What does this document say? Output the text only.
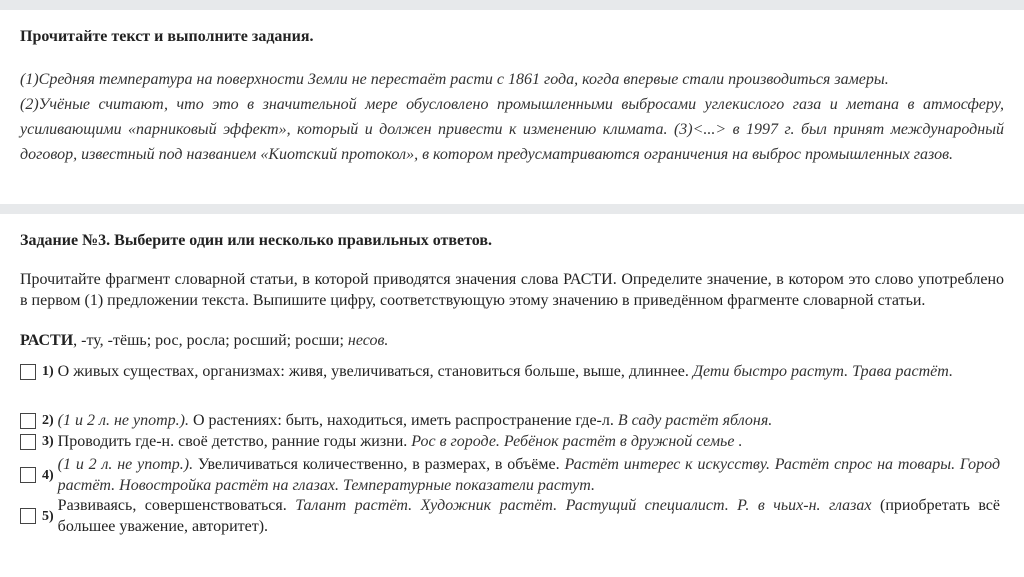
Прочитайте текст и выполните задания.

(1)Средняя температура на поверхности Земли не перестаёт расти с 1861 года, когда впервые стали производиться замеры.

(2)Учёные считают, что это в значительной мере обусловлено промышленными выбросами углекислого газа и метана в атмосферу, усиливающими «парниковый эффект», который и должен привести к изменению климата. (3)<...> в 1997 г. был принят международный договор, известный под названием «Киотский протокол», в котором предусматриваются ограничения на выброс промышленных газов.

Задание №3. Выберите один или несколько правильных ответов.
Прочитайте фрагмент словарной статьи, в которой приводятся значения слова РАСТИ. Определите значение, в котором это слово употреблено в первом (1) предложении текста. Выпишите цифру, соответствующую этому значению в приведённом фрагменте словарной статьи.
РАСТИ, -ту, -тёшь; рос, росла; росший; росши; несов.
1) О живых существах, организмах: живя, увеличиваться, становиться больше, выше, длиннее. Дети быстро растут. Трава растёт.
2) (1 и 2 л. не употр.). О растениях: быть, находиться, иметь распространение где-л. В саду растёт яблоня.
3) Проводить где-н. своё детство, ранние годы жизни. Рос в городе. Ребёнок растёт в дружной семье .
4)
(1 и 2 л. не употр.). Увеличиваться количественно, в размерах, в объёме. Растёт интерес к искусству. Растёт спрос на товары. Город растёт. Новостройка растёт на глазах. Температурные показатели растут.
5)
Развиваясь, совершенствоваться. Талант растёт. Художник растёт. Растущий специалист. Р. в чьих-н. глазах (приобретать всё большее уважение, авторитет).
